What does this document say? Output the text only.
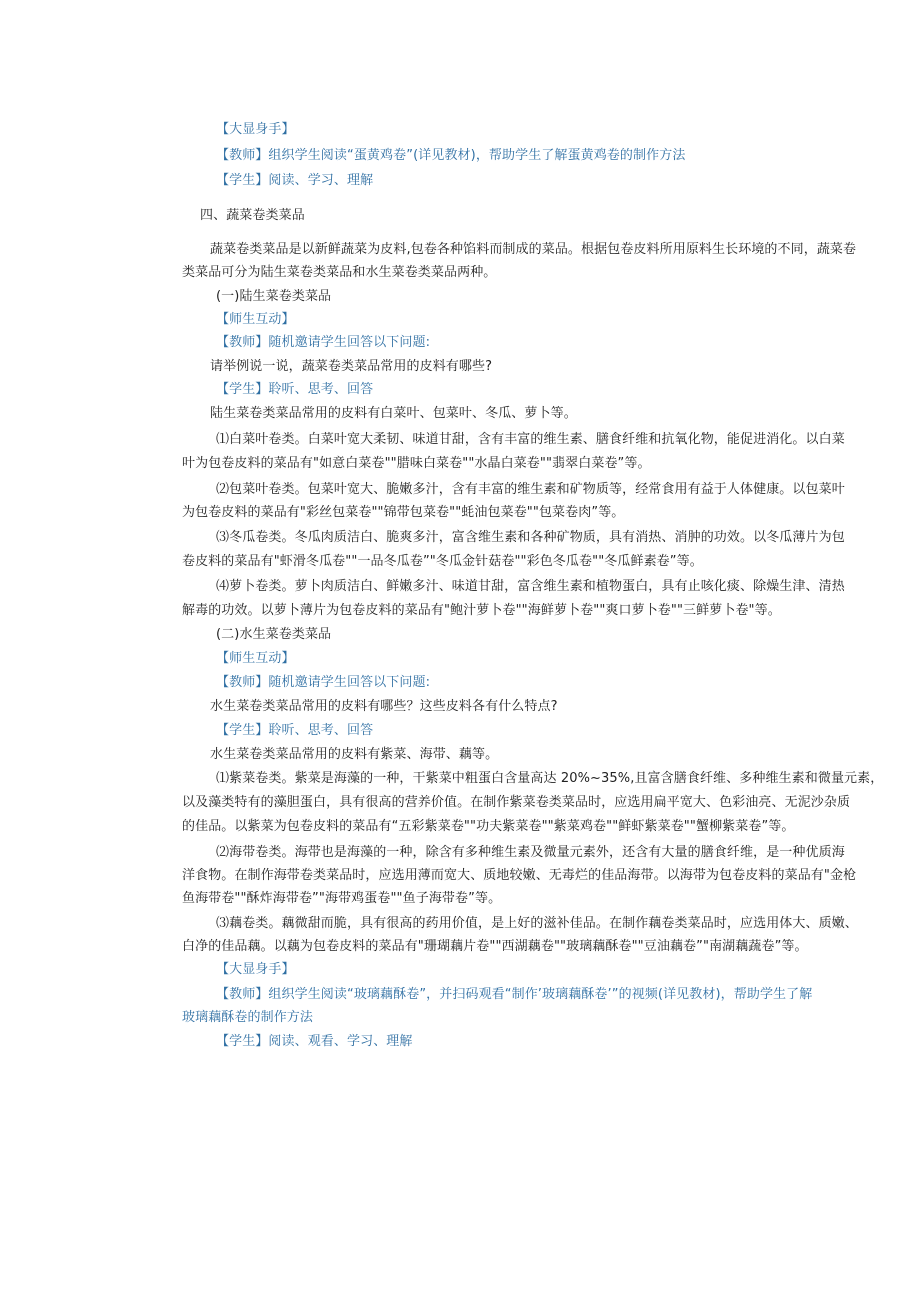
【大显身手】

【教师】组织学生阅读“蛋黄鸡卷”(详见教材)，帮助学生了解蛋黄鸡卷的制作方法

【学生】阅读、学习、理解

四、蔬菜卷类菜品

蔬菜卷类菜品是以新鲜蔬菜为皮料,包卷各种馅料而制成的菜品。根据包卷皮料所用原料生长环境的不同，蔬菜卷

类菜品可分为陆生菜卷类菜品和水生菜卷类菜品两种。

(一)陆生菜卷类菜品

【师生互动】

【教师】随机邀请学生回答以下问题:

请举例说一说，蔬菜卷类菜品常用的皮料有哪些?

【学生】聆听、思考、回答

陆生菜卷类菜品常用的皮料有白菜叶、包菜叶、冬瓜、萝卜等。

⑴白菜叶卷类。白菜叶宽大柔韧、味道甘甜，含有丰富的维生素、膳食纤维和抗氧化物，能促进消化。以白菜

叶为包卷皮料的菜品有"如意白菜卷""腊味白菜卷""水晶白菜卷""翡翠白菜卷”等。

⑵包菜叶卷类。包菜叶宽大、脆嫩多汁，含有丰富的维生素和矿物质等，经常食用有益于人体健康。以包菜叶

为包卷皮料的菜品有"彩丝包菜卷""锦带包菜卷""蚝油包菜卷""包菜卷肉”等。

⑶冬瓜卷类。冬瓜肉质洁白、脆爽多汁，富含维生素和各种矿物质，具有消热、消肿的功效。以冬瓜薄片为包

卷皮料的菜品有"虾滑冬瓜卷""一品冬瓜卷”"冬瓜金针菇卷""彩色冬瓜卷""冬瓜鲜素卷”等。

⑷萝卜卷类。萝卜肉质洁白、鲜嫩多汁、味道甘甜，富含维生素和植物蛋白，具有止咳化痰、除燥生津、清热

解毒的功效。以萝卜薄片为包卷皮料的菜品有"鲍汁萝卜卷""海鲜萝卜卷""爽口萝卜卷""三鲜萝卜卷"等。

(二)水生菜卷类菜品

【师生互动】

【教师】随机邀请学生回答以下问题:

水生菜卷类菜品常用的皮料有哪些？这些皮料各有什么特点?

【学生】聆听、思考、回答

水生菜卷类菜品常用的皮料有紫菜、海带、藕等。

⑴紫菜卷类。紫菜是海藻的一种，干紫菜中粗蛋白含量高达 20%~35%,且富含膳食纤维、多种维生素和微量元素，

以及藻类特有的藻胆蛋白，具有很高的营养价值。在制作紫菜卷类菜品时，应选用扁平宽大、色彩油亮、无泥沙杂质

的佳品。以紫菜为包卷皮料的菜品有“五彩紫菜卷""功夫紫菜卷""紫菜鸡卷""鲜虾紫菜卷""蟹柳紫菜卷”等。

⑵海带卷类。海带也是海藻的一种，除含有多种维生素及微量元素外，还含有大量的膳食纤维，是一种优质海

洋食物。在制作海带卷类菜品时，应选用薄而宽大、质地较嫩、无毒烂的佳品海带。以海带为包卷皮料的菜品有"金枪

鱼海带卷""酥炸海带卷”"海带鸡蛋卷""鱼子海带卷”等。

⑶藕卷类。藕微甜而脆，具有很高的药用价值，是上好的滋补佳品。在制作藕卷类菜品时，应选用体大、质嫩、

白净的佳品藕。以藕为包卷皮料的菜品有"珊瑚藕片卷""西湖藕卷""玻璃藕酥卷""豆油藕卷”"南湖藕蔬卷”等。

【大显身手】

【教师】组织学生阅读“玻璃藕酥卷”，并扫码观看“制作’玻璃藕酥卷’”的视频(详见教材)，帮助学生了解

玻璃藕酥卷的制作方法

【学生】阅读、观看、学习、理解
